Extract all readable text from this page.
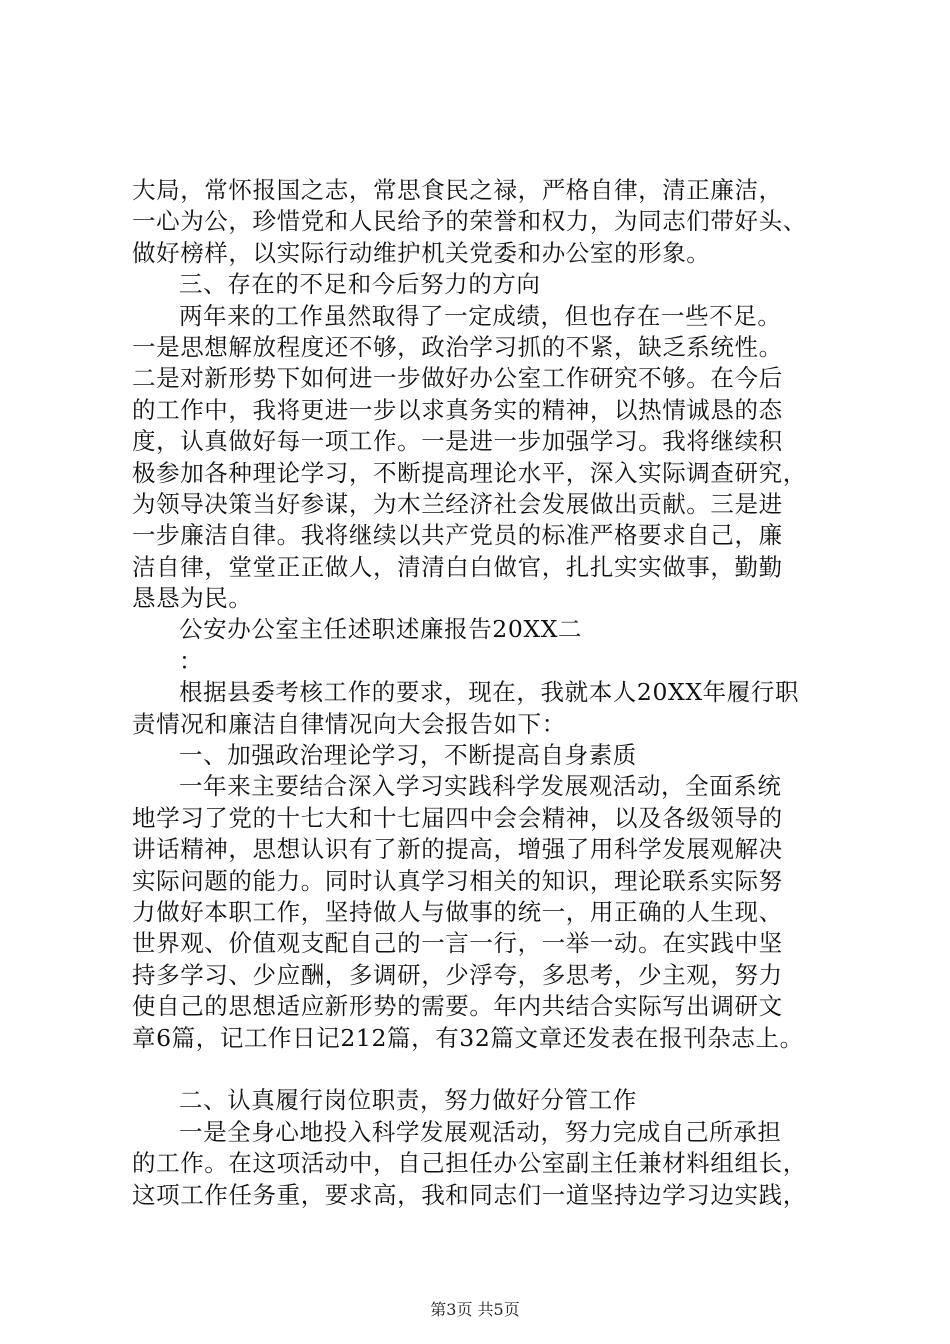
大局，常怀报国之志，常思食民之禄，严格自律，清正廉洁，
一心为公，珍惜党和人民给予的荣誉和权力，为同志们带好头、
做好榜样，以实际行动维护机关党委和办公室的形象。
三、存在的不足和今后努力的方向
两年来的工作虽然取得了一定成绩，但也存在一些不足。
一是思想解放程度还不够，政治学习抓的不紧，缺乏系统性。
二是对新形势下如何进一步做好办公室工作研究不够。在今后
的工作中，我将更进一步以求真务实的精神，以热情诚恳的态
度，认真做好每一项工作。一是进一步加强学习。我将继续积
极参加各种理论学习，不断提高理论水平，深入实际调查研究，
为领导决策当好参谋，为木兰经济社会发展做出贡献。三是进
一步廉洁自律。我将继续以共产党员的标准严格要求自己，廉
洁自律，堂堂正正做人，清清白白做官，扎扎实实做事，勤勤
恳恳为民。
公安办公室主任述职述廉报告20XX二
：
根据县委考核工作的要求，现在，我就本人20XX年履行职
责情况和廉洁自律情况向大会报告如下：
一、加强政治理论学习，不断提高自身素质
一年来主要结合深入学习实践科学发展观活动，全面系统
地学习了党的十七大和十七届四中会会精神，以及各级领导的
讲话精神，思想认识有了新的提高，增强了用科学发展观解决
实际问题的能力。同时认真学习相关的知识，理论联系实际努
力做好本职工作，坚持做人与做事的统一，用正确的人生现、
世界观、价值观支配自己的一言一行，一举一动。在实践中坚
持多学习、少应酬，多调研，少浮夸，多思考，少主观，努力
使自己的思想适应新形势的需要。年内共结合实际写出调研文
章6篇，记工作日记212篇，有32篇文章还发表在报刊杂志上。
二、认真履行岗位职责，努力做好分管工作
一是全身心地投入科学发展观活动，努力完成自己所承担
的工作。在这项活动中，自己担任办公室副主任兼材料组组长，
这项工作任务重，要求高，我和同志们一道坚持边学习边实践，
第3页 共5页
